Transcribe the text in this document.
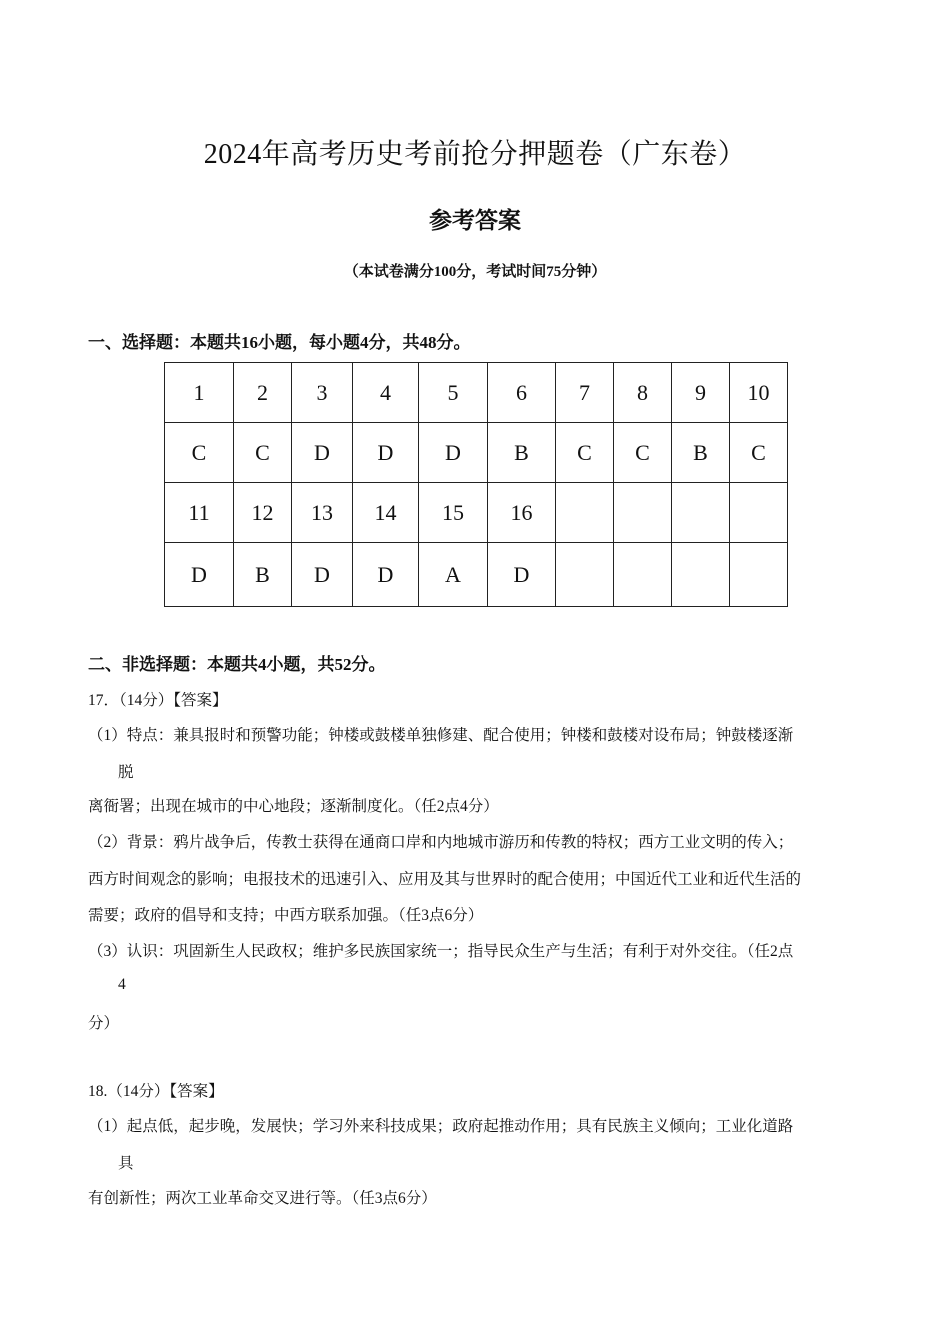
2024年高考历史考前抢分押题卷（广东卷）
参考答案
（本试卷满分100分，考试时间75分钟）
一、选择题：本题共16小题，每小题4分，共48分。
1	2	3	4	5	6	7	8	9	10
C	C	D	D	D	B	C	C	B	C
11	12	13	14	15	16				
D	B	D	D	A	D				
二、非选择题：本题共4小题，共52分。
17．（14分）【答案】
（1）特点：兼具报时和预警功能；钟楼或鼓楼单独修建、配合使用；钟楼和鼓楼对设布局；钟鼓楼逐渐
脱
离衙署；出现在城市的中心地段；逐渐制度化。（任2点4分）
（2）背景：鸦片战争后，传教士获得在通商口岸和内地城市游历和传教的特权；西方工业文明的传入；
西方时间观念的影响；电报技术的迅速引入、应用及其与世界时的配合使用；中国近代工业和近代生活的
需要；政府的倡导和支持；中西方联系加强。（任3点6分）
（3）认识：巩固新生人民政权；维护多民族国家统一；指导民众生产与生活；有利于对外交往。（任2点
4
分）
18.（14分）【答案】
（1）起点低，起步晚，发展快；学习外来科技成果；政府起推动作用；具有民族主义倾向；工业化道路
具
有创新性；两次工业革命交叉进行等。（任3点6分）
